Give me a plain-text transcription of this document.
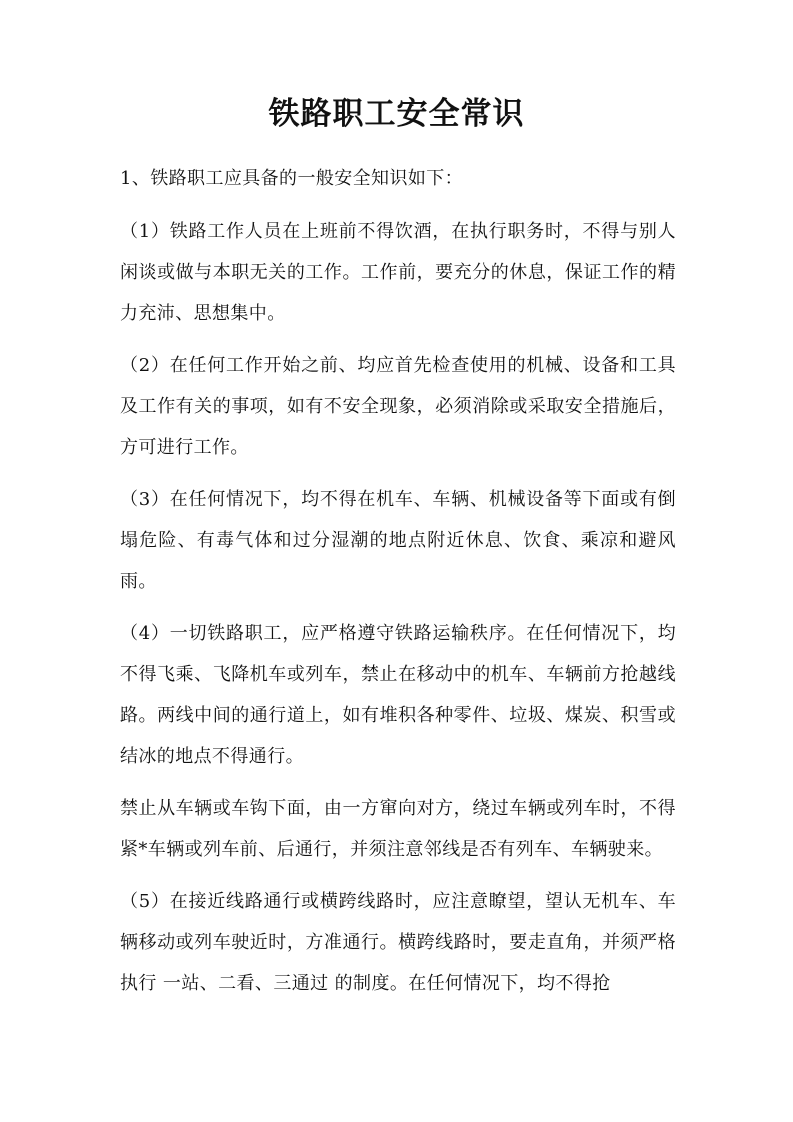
铁路职工安全常识

1、铁路职工应具备的一般安全知识如下：

（1）铁路工作人员在上班前不得饮酒，在执行职务时，不得与别人闲谈或做与本职无关的工作。工作前，要充分的休息，保证工作的精力充沛、思想集中。

（2）在任何工作开始之前、均应首先检查使用的机械、设备和工具及工作有关的事项，如有不安全现象，必须消除或采取安全措施后，方可进行工作。

（3）在任何情况下，均不得在机车、车辆、机械设备等下面或有倒塌危险、有毒气体和过分湿潮的地点附近休息、饮食、乘凉和避风雨。

（4）一切铁路职工，应严格遵守铁路运输秩序。在任何情况下，均不得飞乘、飞降机车或列车，禁止在移动中的机车、车辆前方抢越线路。两线中间的通行道上，如有堆积各种零件、垃圾、煤炭、积雪或结冰的地点不得通行。

禁止从车辆或车钩下面，由一方窜向对方，绕过车辆或列车时，不得紧*车辆或列车前、后通行，并须注意邻线是否有列车、车辆驶来。

（5）在接近线路通行或横跨线路时，应注意瞭望，望认无机车、车辆移动或列车驶近时，方准通行。横跨线路时，要走直角，并须严格执行 一站、二看、三通过 的制度。在任何情况下，均不得抢
